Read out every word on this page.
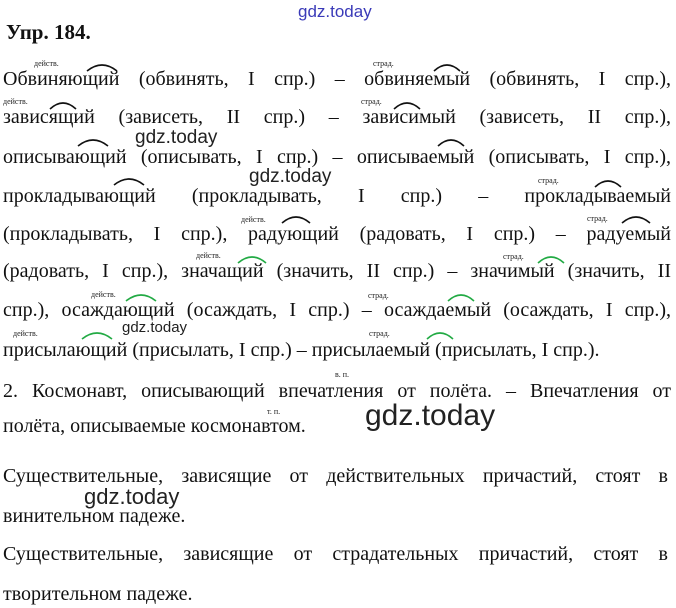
gdz.today
gdz.today
gdz.today
gdz.today
gdz.today
gdz.today
Упр. 184.
действ.	страд.
действ.	страд.
страд.
действ.	страд.
действ.	страд.
действ.	страд.
действ.	страд.
в. п.
т. п.
Обвиняющий (обвинять, I спр.) – обвиняемый (обвинять, I спр.),
зависящий (зависеть, II спр.) – зависимый (зависеть, II спр.),
описывающий (описывать, I спр.) – описываемый (описывать, I спр.),
прокладывающий (прокладывать, I спр.) – прокладываемый
(прокладывать, I спр.), радующий (радовать, I спр.) – радуемый
(радовать, I спр.), значащий (значить, II спр.) – значимый (значить, II
спр.), осаждающий (осаждать, I спр.) – осаждаемый (осаждать, I спр.),
присылающий (присылать, I спр.) – присылаемый (присылать, I спр.).
2. Космонавт, описывающий впечатления от полёта. – Впечатления от
полёта, описываемые космонавтом.
Существительные, зависящие от действительных причастий, стоят в
винительном падеже.
Существительные, зависящие от страдательных причастий, стоят в
творительном падеже.
